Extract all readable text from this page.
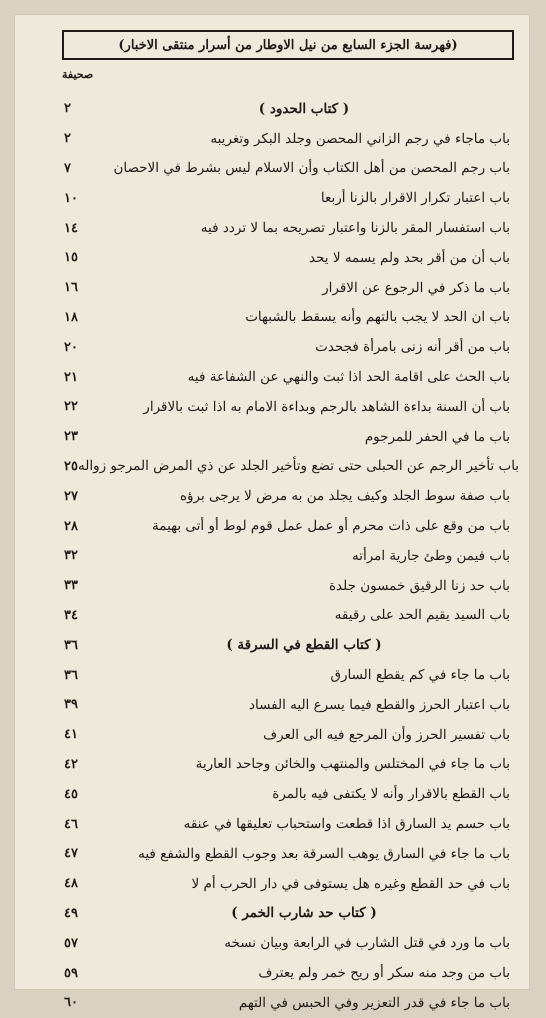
(فهرسة الجزء السابع من نيل الاوطار من أسرار منتقى الاخبار)
صحيفة
٢	( كتاب الحدود )
٢	باب ماجاء في رجم الزاني المحصن وجلد البكر وتغريبه
٧	باب رجم المحصن من أهل الكتاب وأن الاسلام ليس بشرط في الاحصان
١٠	باب اعتبار تكرار الاقرار بالزنا أربعا
١٤	باب استفسار المقر بالزنا واعتبار تصريحه بما لا تردد فيه
١٥	باب أن من أقر بحد ولم يسمه لا يحد
١٦	باب ما ذكر في الرجوع عن الاقرار
١٨	باب ان الحد لا يجب بالتهم وأنه يسقط بالشبهات
٢٠	باب من أقر أنه زنى بامرأة فجحدت
٢١	باب الحث على اقامة الحد اذا ثبت والنهي عن الشفاعة فيه
٢٢	باب أن السنة بداءة الشاهد بالرجم وبداءة الامام به اذا ثبت بالاقرار
٢٣	باب ما في الحفر للمرجوم
٢٥ باب تأخير الرجم عن الحبلى حتى تضع وتأخير الجلد عن ذي المرض المرجو زواله
٢٧	باب صفة سوط الجلد وكيف يجلد من به مرض لا يرجى برؤه
٢٨	باب من وقع على ذات محرم أو عمل عمل قوم لوط أو أتى بهيمة
٣٢	باب فيمن وطئ جارية امرأته
٣٣	باب حد زنا الرقيق خمسون جلدة
٣٤	باب السيد يقيم الحد على رقيقه
٣٦	( كتاب القطع في السرقة )
٣٦	باب ما جاء في كم يقطع السارق
٣٩	باب اعتبار الحرز والقطع فيما يسرع اليه الفساد
٤١	باب تفسير الحرز وأن المرجع فيه الى العرف
٤٢	باب ما جاء في المختلس والمنتهب والخائن وجاحد العارية
٤٥	باب القطع بالاقرار وأنه لا يكتفى فيه بالمرة
٤٦	باب حسم يد السارق اذا قطعت واستحباب تعليقها في عنقه
٤٧	باب ما جاء في السارق يوهب السرقة بعد وجوب القطع والشفع فيه
٤٨	باب في حد القطع وغيره هل يستوفى في دار الحرب أم لا
٤٩	( كتاب حد شارب الخمر )
٥٧	باب ما ورد في قتل الشارب في الرابعة وبيان نسخه
٥٩	باب من وجد منه سكر أو ريح خمر ولم يعترف
٦٠	باب ما جاء في قدر التعزير وفي الحبس في التهم
